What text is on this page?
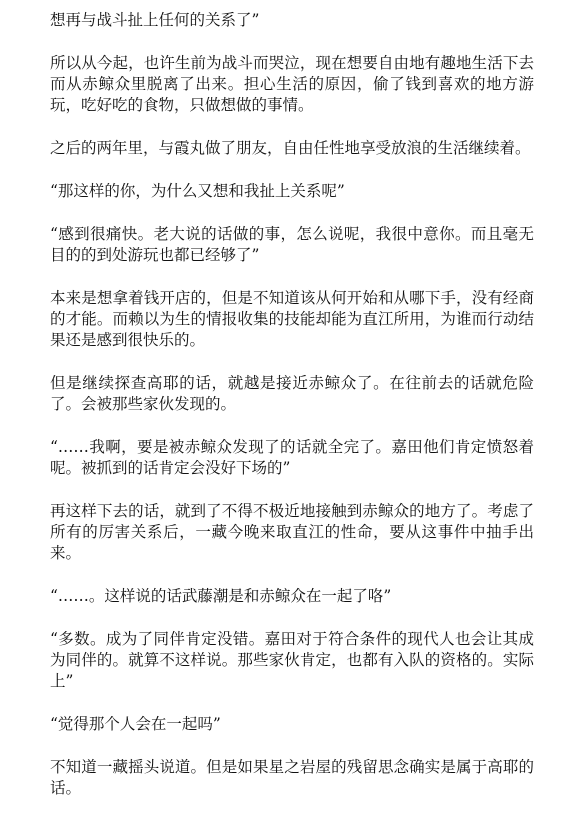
想再与战斗扯上任何的关系了”

所以从今起，也许生前为战斗而哭泣，现在想要自由地有趣地生活下去而从赤鲸众里脱离了出来。担心生活的原因，偷了钱到喜欢的地方游玩，吃好吃的食物，只做想做的事情。

之后的两年里，与霞丸做了朋友，自由任性地享受放浪的生活继续着。

“那这样的你，为什么又想和我扯上关系呢”

“感到很痛快。老大说的话做的事，怎么说呢，我很中意你。而且毫无目的的到处游玩也都已经够了”

本来是想拿着钱开店的，但是不知道该从何开始和从哪下手，没有经商的才能。而赖以为生的情报收集的技能却能为直江所用，为谁而行动结果还是感到很快乐的。

但是继续探查高耶的话，就越是接近赤鲸众了。在往前去的话就危险了。会被那些家伙发现的。

“……我啊，要是被赤鲸众发现了的话就全完了。嘉田他们肯定愤怒着呢。被抓到的话肯定会没好下场的”

再这样下去的话，就到了不得不极近地接触到赤鲸众的地方了。考虑了所有的厉害关系后，一藏今晚来取直江的性命，要从这事件中抽手出来。

“……。这样说的话武藤潮是和赤鲸众在一起了咯”

“多数。成为了同伴肯定没错。嘉田对于符合条件的现代人也会让其成为同伴的。就算不这样说。那些家伙肯定，也都有入队的资格的。实际上”

“觉得那个人会在一起吗”

不知道一藏摇头说道。但是如果星之岩屋的残留思念确实是属于高耶的话。
